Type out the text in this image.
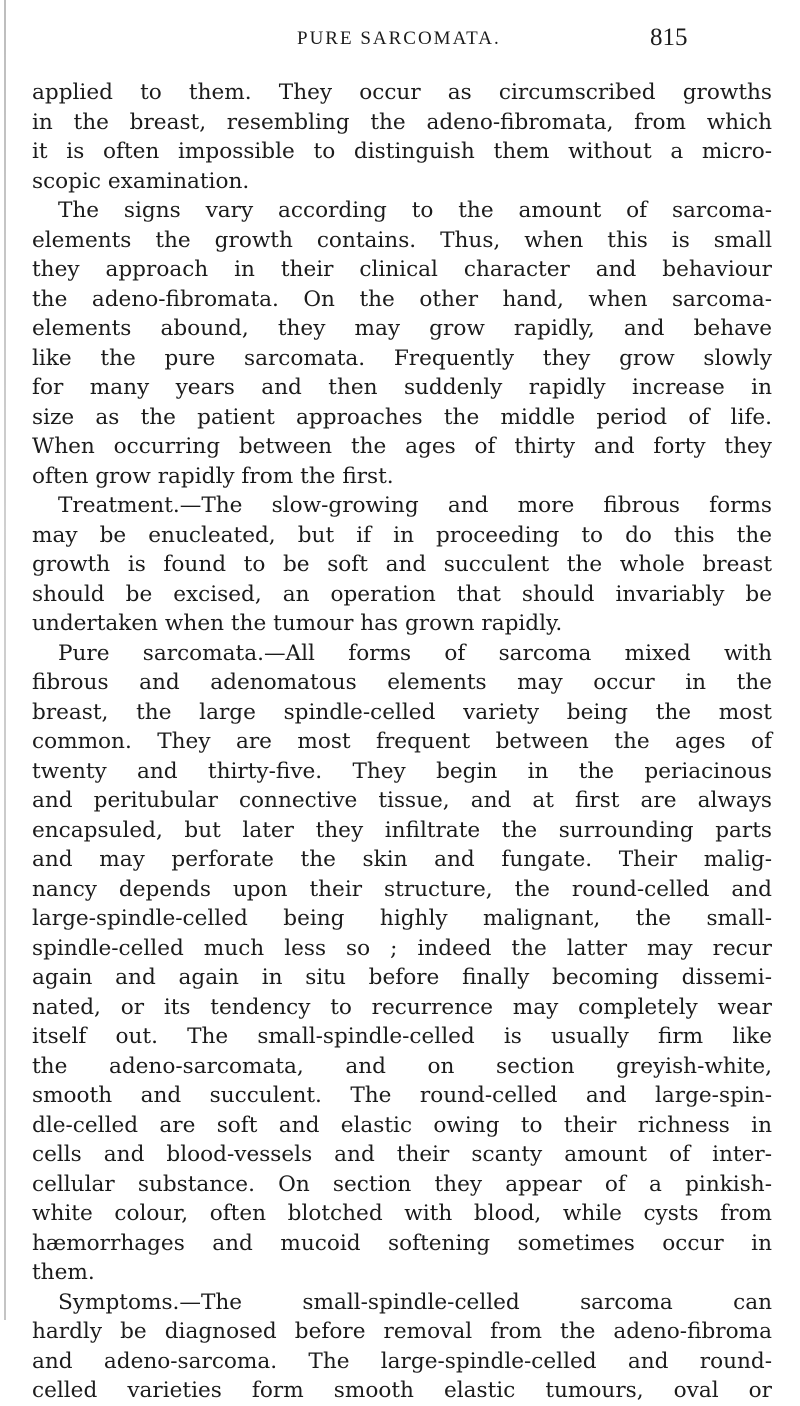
PURE SARCOMATA.	815
applied to them. They occur as circumscribed growths
in the breast, resembling the adeno-fibromata, from which
it is often impossible to distinguish them without a micro-
scopic examination.
The signs vary according to the amount of sarcoma-
elements the growth contains. Thus, when this is small
they approach in their clinical character and behaviour
the adeno-fibromata. On the other hand, when sarcoma-
elements abound, they may grow rapidly, and behave
like the pure sarcomata. Frequently they grow slowly
for many years and then suddenly rapidly increase in
size as the patient approaches the middle period of life.
When occurring between the ages of thirty and forty they
often grow rapidly from the first.
Treatment.—The slow-growing and more fibrous forms
may be enucleated, but if in proceeding to do this the
growth is found to be soft and succulent the whole breast
should be excised, an operation that should invariably be
undertaken when the tumour has grown rapidly.
Pure sarcomata.—All forms of sarcoma mixed with
fibrous and adenomatous elements may occur in the
breast, the large spindle-celled variety being the most
common. They are most frequent between the ages of
twenty and thirty-five. They begin in the periacinous
and peritubular connective tissue, and at first are always
encapsuled, but later they infiltrate the surrounding parts
and may perforate the skin and fungate. Their malig-
nancy depends upon their structure, the round-celled and
large-spindle-celled being highly malignant, the small-
spindle-celled much less so ; indeed the latter may recur
again and again in situ before finally becoming dissemi-
nated, or its tendency to recurrence may completely wear
itself out. The small-spindle-celled is usually firm like
the adeno-sarcomata, and on section greyish-white,
smooth and succulent. The round-celled and large-spin-
dle-celled are soft and elastic owing to their richness in
cells and blood-vessels and their scanty amount of inter-
cellular substance. On section they appear of a pinkish-
white colour, often blotched with blood, while cysts from
hæmorrhages and mucoid softening sometimes occur in
them.
Symptoms.—The small-spindle-celled sarcoma can
hardly be diagnosed before removal from the adeno-fibroma
and adeno-sarcoma. The large-spindle-celled and round-
celled varieties form smooth elastic tumours, oval or
